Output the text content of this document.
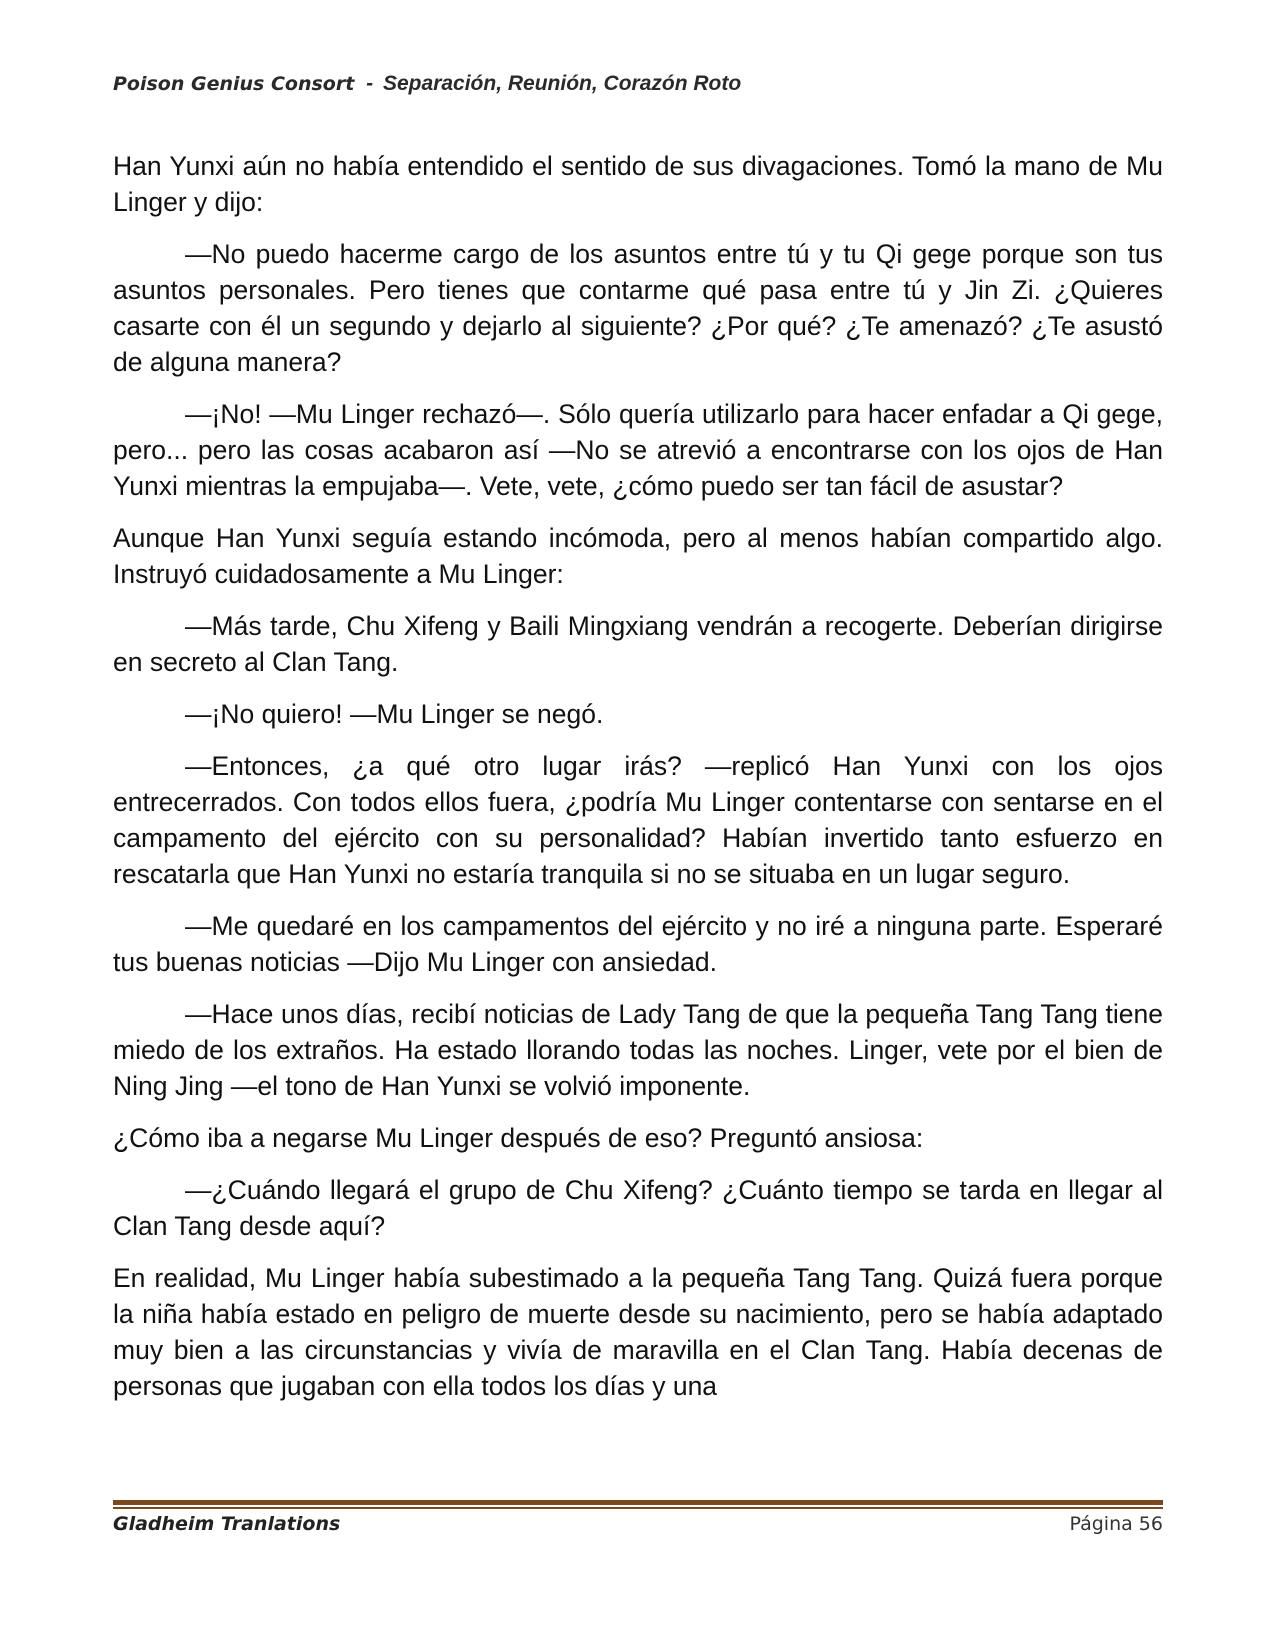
Poison Genius Consort - Separación, Reunión, Corazón Roto

Han Yunxi aún no había entendido el sentido de sus divagaciones. Tomó la mano de Mu Linger y dijo:

—No puedo hacerme cargo de los asuntos entre tú y tu Qi gege porque son tus asuntos personales. Pero tienes que contarme qué pasa entre tú y Jin Zi. ¿Quieres casarte con él un segundo y dejarlo al siguiente? ¿Por qué? ¿Te amenazó? ¿Te asustó de alguna manera?

—¡No! —Mu Linger rechazó—. Sólo quería utilizarlo para hacer enfadar a Qi gege, pero... pero las cosas acabaron así —No se atrevió a encontrarse con los ojos de Han Yunxi mientras la empujaba—. Vete, vete, ¿cómo puedo ser tan fácil de asustar?

Aunque Han Yunxi seguía estando incómoda, pero al menos habían compartido algo. Instruyó cuidadosamente a Mu Linger:

—Más tarde, Chu Xifeng y Baili Mingxiang vendrán a recogerte. Deberían dirigirse en secreto al Clan Tang.

—¡No quiero! —Mu Linger se negó.

—Entonces, ¿a qué otro lugar irás? —replicó Han Yunxi con los ojos entrecerrados. Con todos ellos fuera, ¿podría Mu Linger contentarse con sentarse en el campamento del ejército con su personalidad? Habían invertido tanto esfuerzo en rescatarla que Han Yunxi no estaría tranquila si no se situaba en un lugar seguro.

—Me quedaré en los campamentos del ejército y no iré a ninguna parte. Esperaré tus buenas noticias —Dijo Mu Linger con ansiedad.

—Hace unos días, recibí noticias de Lady Tang de que la pequeña Tang Tang tiene miedo de los extraños. Ha estado llorando todas las noches. Linger, vete por el bien de Ning Jing —el tono de Han Yunxi se volvió imponente.

¿Cómo iba a negarse Mu Linger después de eso? Preguntó ansiosa:

—¿Cuándo llegará el grupo de Chu Xifeng? ¿Cuánto tiempo se tarda en llegar al Clan Tang desde aquí?

En realidad, Mu Linger había subestimado a la pequeña Tang Tang. Quizá fuera porque la niña había estado en peligro de muerte desde su nacimiento, pero se había adaptado muy bien a las circunstancias y vivía de maravilla en el Clan Tang. Había decenas de personas que jugaban con ella todos los días y una

Gladheim Tranlations	Página 56
